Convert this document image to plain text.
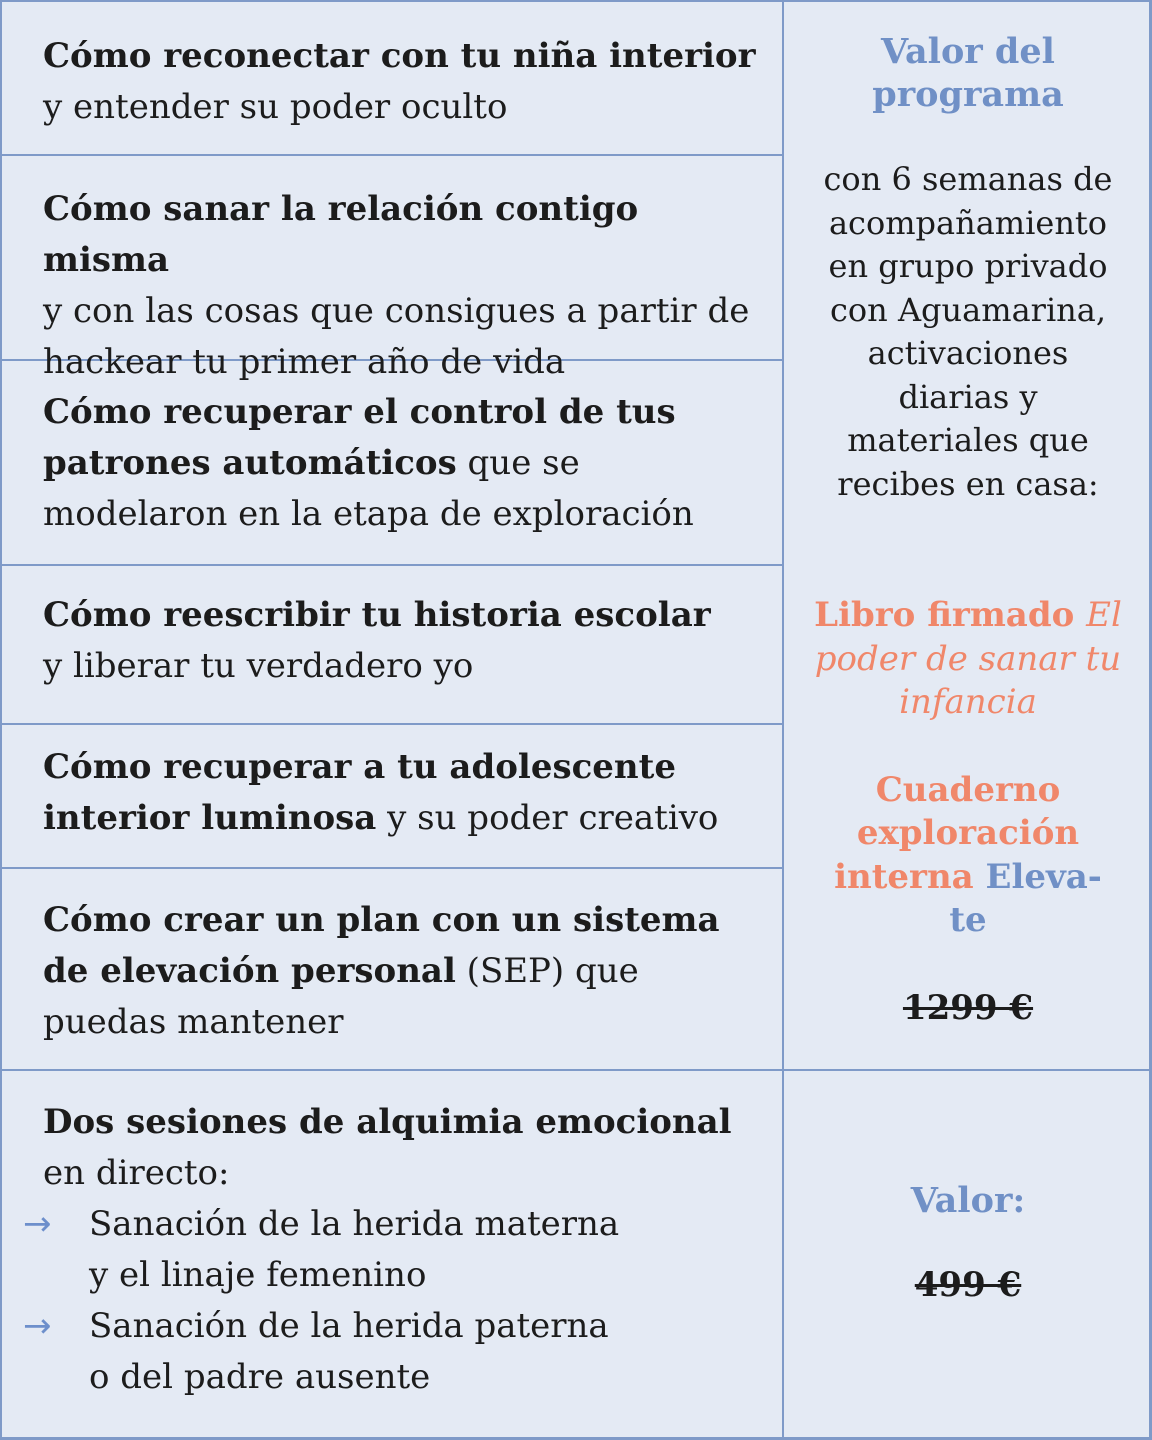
Cómo reconectar con tu niña interior
y entender su poder oculto
Cómo sanar la relación contigo misma
y con las cosas que consigues a partir de hackear tu primer año de vida
Cómo recuperar el control de tus patrones automáticos que se modelaron en la etapa de exploración
Cómo reescribir tu historia escolar
y liberar tu verdadero yo
Cómo recuperar a tu adolescente interior luminosa y su poder creativo
Cómo crear un plan con un sistema de elevación personal (SEP) que puedas mantener
Valor del programa
con 6 semanas de acompañamiento en grupo privado con Aguamarina, activaciones diarias y materiales que recibes en casa:
Libro firmado El poder de sanar tu infancia
Cuaderno exploración interna Eleva-te
1299 €
Dos sesiones de alquimia emocional
en directo:
→ Sanación de la herida materna
y el linaje femenino
→ Sanación de la herida paterna
o del padre ausente
Valor:
499 €
